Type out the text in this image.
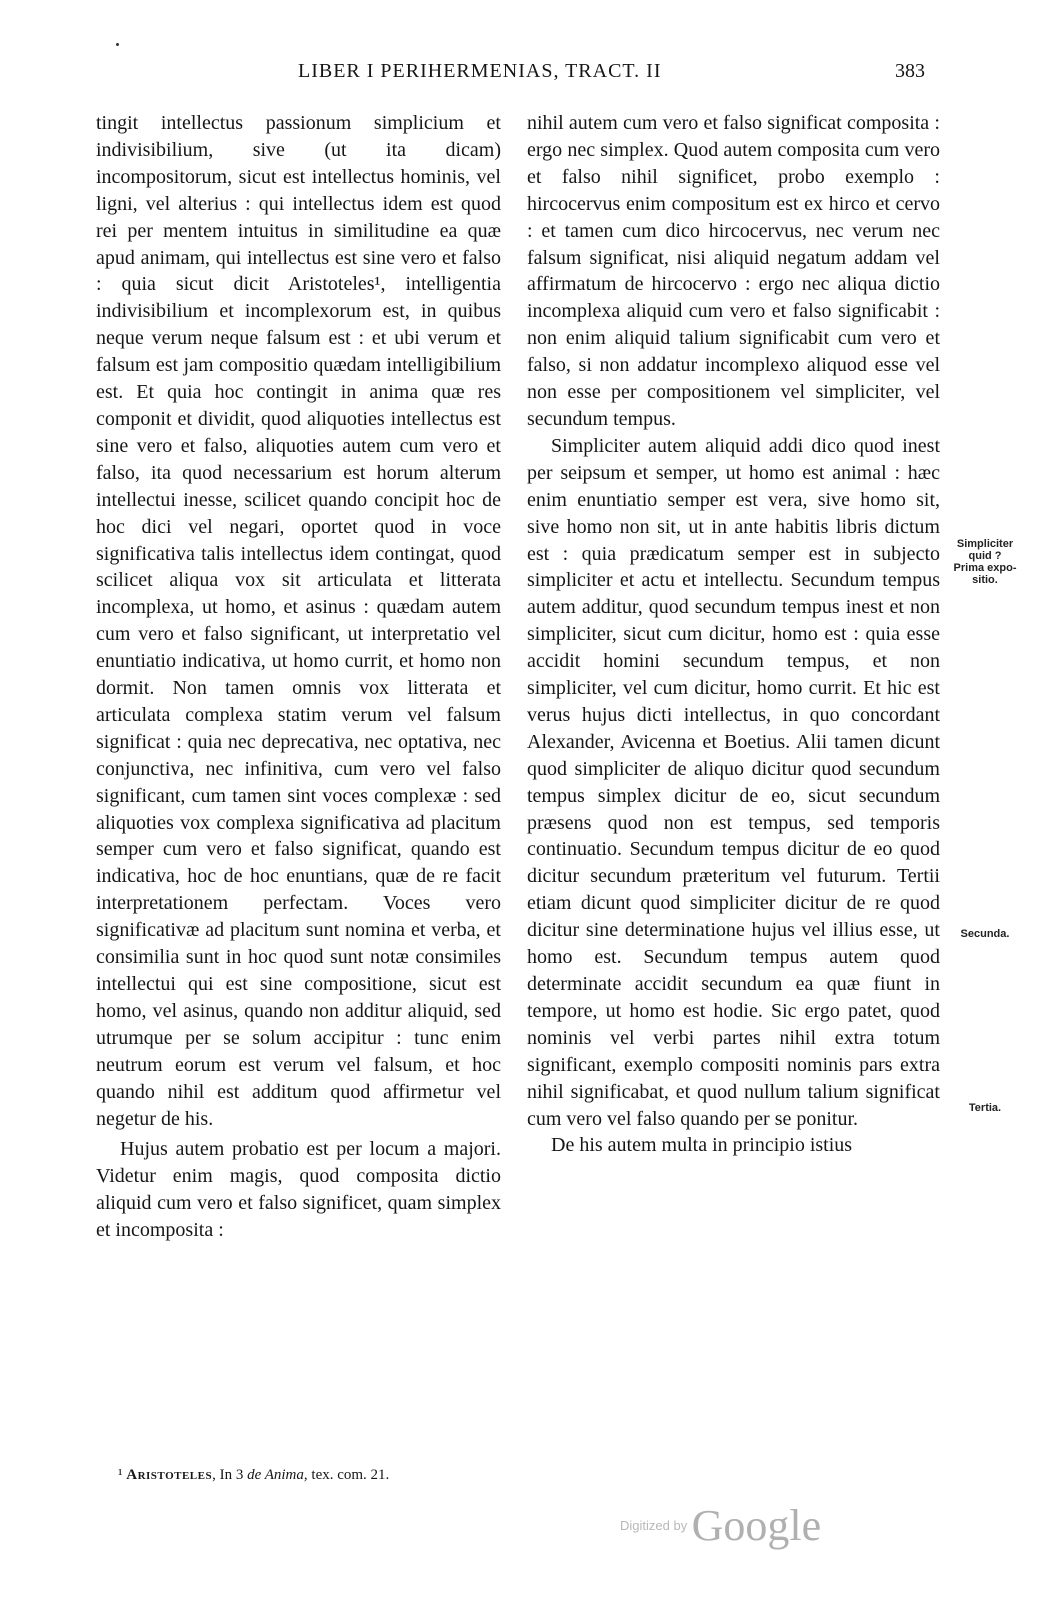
LIBER I PERIHERMENIAS, TRACT. II	383

tingit intellectus passionum simplicium et indivisibilium, sive (ut ita dicam) incompositorum, sicut est intellectus hominis, vel ligni, vel alterius : qui intellectus idem est quod rei per mentem intuitus in similitudine ea quæ apud animam, qui intellectus est sine vero et falso : quia sicut dicit Aristoteles¹, intelligentia indivisibilium et incomplexorum est, in quibus neque verum neque falsum est : et ubi verum et falsum est jam compositio quædam intelligibilium est. Et quia hoc contingit in anima quæ res componit et dividit, quod aliquoties intellectus est sine vero et falso, aliquoties autem cum vero et falso, ita quod necessarium est horum alterum intellectui inesse, scilicet quando concipit hoc de hoc dici vel negari, oportet quod in voce significativa talis intellectus idem contingat, quod scilicet aliqua vox sit articulata et litterata incomplexa, ut homo, et asinus : quædam autem cum vero et falso significant, ut interpretatio vel enuntiatio indicativa, ut homo currit, et homo non dormit. Non tamen omnis vox litterata et articulata complexa statim verum vel falsum significat : quia nec deprecativa, nec optativa, nec conjunctiva, nec infinitiva, cum vero vel falso significant, cum tamen sint voces complexæ : sed aliquoties vox complexa significativa ad placitum semper cum vero et falso significat, quando est indicativa, hoc de hoc enuntians, quæ de re facit interpretationem perfectam. Voces vero significativæ ad placitum sunt nomina et verba, et consimilia sunt in hoc quod sunt notæ consimiles intellectui qui est sine compositione, sicut est homo, vel asinus, quando non additur aliquid, sed utrumque per se solum accipitur : tunc enim neutrum eorum est verum vel falsum, et hoc quando nihil est additum quod affirmetur vel negetur de his.

Hujus autem probatio est per locum a majori. Videtur enim magis, quod composita dictio aliquid cum vero et falso significet, quam simplex et incomposita :

nihil autem cum vero et falso significat composita : ergo nec simplex. Quod autem composita cum vero et falso nihil significet, probo exemplo : hircocervus enim compositum est ex hirco et cervo : et tamen cum dico hircocervus, nec verum nec falsum significat, nisi aliquid negatum addam vel affirmatum de hircocervo : ergo nec aliqua dictio incomplexa aliquid cum vero et falso significabit : non enim aliquid talium significabit cum vero et falso, si non addatur incomplexo aliquod esse vel non esse per compositionem vel simpliciter, vel secundum tempus.

Simpliciter autem aliquid addi dico quod inest per seipsum et semper, ut homo est animal : hæc enim enuntiatio semper est vera, sive homo sit, sive homo non sit, ut in ante habitis libris dictum est : quia prædicatum semper est in subjecto simpliciter et actu et intellectu. Secundum tempus autem additur, quod secundum tempus inest et non simpliciter, sicut cum dicitur, homo est : quia esse accidit homini secundum tempus, et non simpliciter, vel cum dicitur, homo currit. Et hic est verus hujus dicti intellectus, in quo concordant Alexander, Avicenna et Boetius. Alii tamen dicunt quod simpliciter de aliquo dicitur quod secundum tempus simplex dicitur de eo, sicut secundum præsens quod non est tempus, sed temporis continuatio. Secundum tempus dicitur de eo quod dicitur secundum præteritum vel futurum. Tertii etiam dicunt quod simpliciter dicitur de re quod dicitur sine determinatione hujus vel illius esse, ut homo est. Secundum tempus autem quod determinate accidit secundum ea quæ fiunt in tempore, ut homo est hodie. Sic ergo patet, quod nominis vel verbi partes nihil extra totum significant, exemplo compositi nominis pars extra nihil significabat, et quod nullum talium significat cum vero vel falso quando per se ponitur.

De his autem multa in principio istius

Simpliciter
quid ?
Prima expo-
sitio.
Secunda.
Tertia.
¹ Aristoteles, In 3 de Anima, tex. com. 21.
Digitized by Google
